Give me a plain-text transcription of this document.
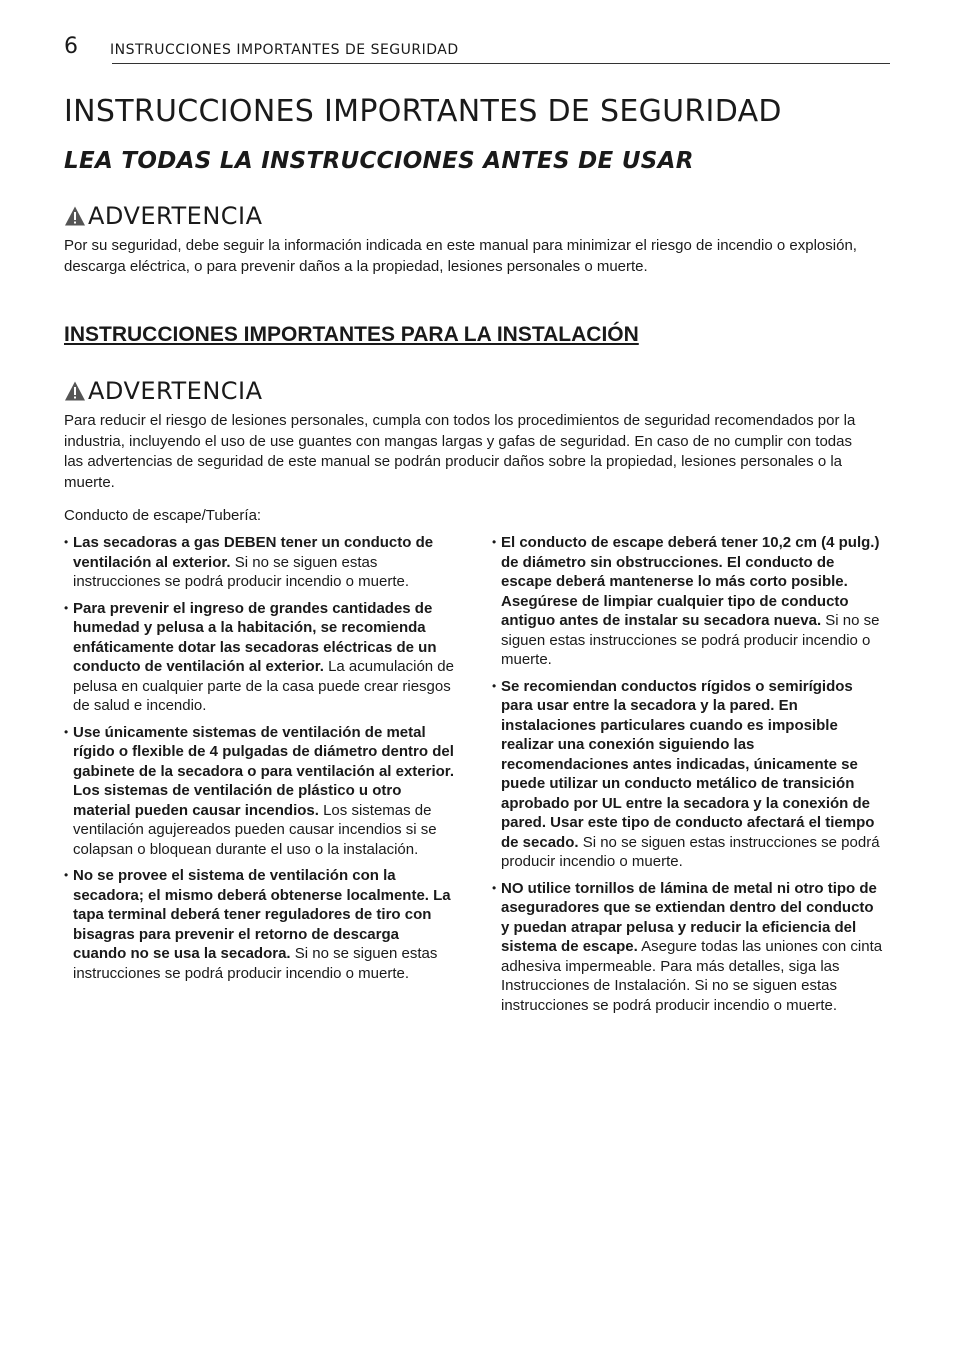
6 INSTRUCCIONES IMPORTANTES DE SEGURIDAD
INSTRUCCIONES IMPORTANTES DE SEGURIDAD
LEA TODAS LA INSTRUCCIONES ANTES DE USAR
ADVERTENCIA

Por su seguridad, debe seguir la información indicada en este manual para minimizar el riesgo de incendio o explosión, descarga eléctrica, o para prevenir daños a la propiedad, lesiones personales o muerte.

INSTRUCCIONES IMPORTANTES PARA LA INSTALACIÓN
ADVERTENCIA

Para reducir el riesgo de lesiones personales, cumpla con todos los procedimientos de seguridad recomendados por la industria, incluyendo el uso de use guantes con mangas largas y gafas de seguridad. En caso de no cumplir con todas las advertencias de seguridad de este manual se podrán producir daños sobre la propiedad, lesiones personales o la muerte.

Conducto de escape/Tubería:

• Las secadoras a gas DEBEN tener un conducto de ventilación al exterior. Si no se siguen estas instrucciones se podrá producir incendio o muerte.

• Para prevenir el ingreso de grandes cantidades de humedad y pelusa a la habitación, se recomienda enfáticamente dotar las secadoras eléctricas de un conducto de ventilación al exterior. La acumulación de pelusa en cualquier parte de la casa puede crear riesgos de salud e incendio.

• Use únicamente sistemas de ventilación de metal rígido o flexible de 4 pulgadas de diámetro dentro del gabinete de la secadora o para ventilación al exterior. Los sistemas de ventilación de plástico u otro material pueden causar incendios. Los sistemas de ventilación agujereados pueden causar incendios si se colapsan o bloquean durante el uso o la instalación.

• No se provee el sistema de ventilación con la secadora; el mismo deberá obtenerse localmente. La tapa terminal deberá tener reguladores de tiro con bisagras para prevenir el retorno de descarga cuando no se usa la secadora. Si no se siguen estas instrucciones se podrá producir incendio o muerte.

• El conducto de escape deberá tener 10,2 cm (4 pulg.) de diámetro sin obstrucciones. El conducto de escape deberá mantenerse lo más corto posible. Asegúrese de limpiar cualquier tipo de conducto antiguo antes de instalar su secadora nueva. Si no se siguen estas instrucciones se podrá producir incendio o muerte.

• Se recomiendan conductos rígidos o semirígidos para usar entre la secadora y la pared. En instalaciones particulares cuando es imposible realizar una conexión siguiendo las recomendaciones antes indicadas, únicamente se puede utilizar un conducto metálico de transición aprobado por UL entre la secadora y la conexión de pared. Usar este tipo de conducto afectará el tiempo de secado. Si no se siguen estas instrucciones se podrá producir incendio o muerte.

• NO utilice tornillos de lámina de metal ni otro tipo de aseguradores que se extiendan dentro del conducto y puedan atrapar pelusa y reducir la eficiencia del sistema de escape. Asegure todas las uniones con cinta adhesiva impermeable. Para más detalles, siga las Instrucciones de Instalación. Si no se siguen estas instrucciones se podrá producir incendio o muerte.
